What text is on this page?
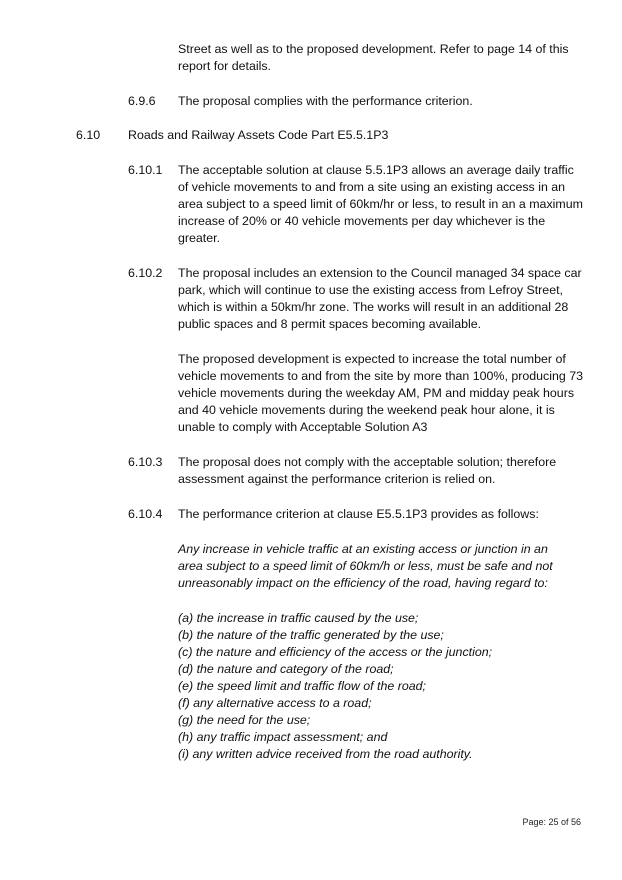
Street as well as to the proposed development. Refer to page 14 of this

report for details.

6.9.6 The proposal complies with the performance criterion.

6.10 Roads and Railway Assets Code Part E5.5.1P3

6.10.1 The acceptable solution at clause 5.5.1P3 allows an average daily traffic

of vehicle movements to and from a site using an existing access in an

area subject to a speed limit of 60km/hr or less, to result in an a maximum

increase of 20% or 40 vehicle movements per day whichever is the

greater.

6.10.2 The proposal includes an extension to the Council managed 34 space car

park, which will continue to use the existing access from Lefroy Street,

which is within a 50km/hr zone. The works will result in an additional 28

public spaces and 8 permit spaces becoming available.

The proposed development is expected to increase the total number of

vehicle movements to and from the site by more than 100%, producing 73

vehicle movements during the weekday AM, PM and midday peak hours

and 40 vehicle movements during the weekend peak hour alone, it is

unable to comply with Acceptable Solution A3

6.10.3 The proposal does not comply with the acceptable solution; therefore

assessment against the performance criterion is relied on.

6.10.4 The performance criterion at clause E5.5.1P3 provides as follows:

Any increase in vehicle traffic at an existing access or junction in an

area subject to a speed limit of 60km/h or less, must be safe and not

unreasonably impact on the efficiency of the road, having regard to:

(a) the increase in traffic caused by the use;

(b) the nature of the traffic generated by the use;

(c) the nature and efficiency of the access or the junction;

(d) the nature and category of the road;

(e) the speed limit and traffic flow of the road;

(f) any alternative access to a road;

(g) the need for the use;

(h) any traffic impact assessment; and

(i) any written advice received from the road authority.

Page: 25 of 56
